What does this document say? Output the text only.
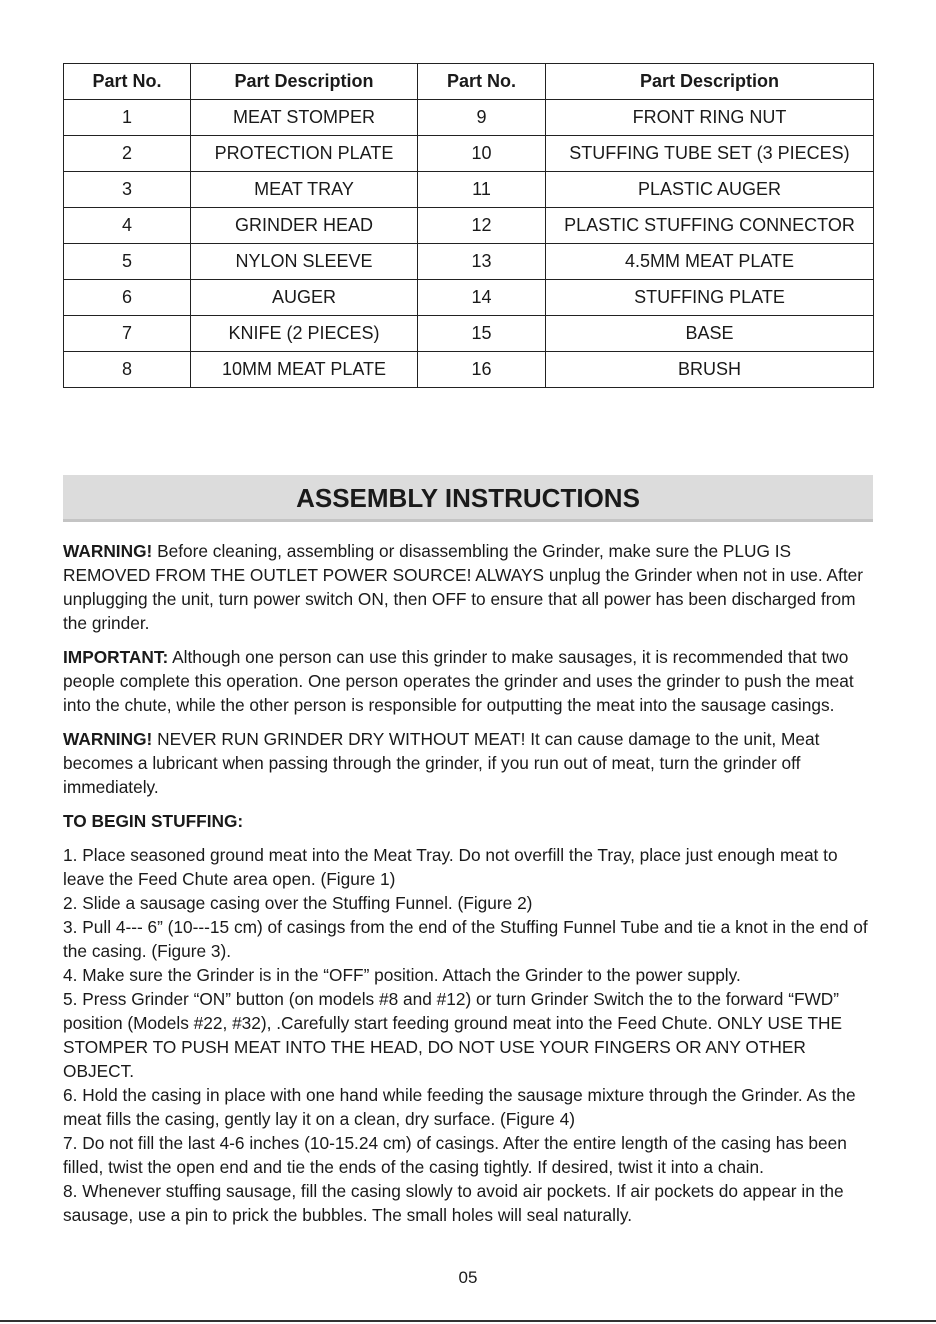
Part No.	Part Description	Part No.	Part Description
1	MEAT STOMPER	9	FRONT RING NUT
2	PROTECTION PLATE	10	STUFFING TUBE SET (3 PIECES)
3	MEAT TRAY	11	PLASTIC AUGER
4	GRINDER HEAD	12	PLASTIC STUFFING CONNECTOR
5	NYLON SLEEVE	13	4.5MM MEAT PLATE
6	AUGER	14	STUFFING PLATE
7	KNIFE (2 PIECES)	15	BASE
8	10MM MEAT PLATE	16	BRUSH
ASSEMBLY INSTRUCTIONS

WARNING! Before cleaning, assembling or disassembling the Grinder, make sure the PLUG IS REMOVED FROM THE OUTLET POWER SOURCE! ALWAYS unplug the Grinder when not in use. After unplugging the unit, turn power switch ON, then OFF to ensure that all power has been discharged from the grinder.

IMPORTANT: Although one person can use this grinder to make sausages, it is recommended that two people complete this operation. One person operates the grinder and uses the grinder to push the meat into the chute, while the other person is responsible for outputting the meat into the sausage casings.

WARNING! NEVER RUN GRINDER DRY WITHOUT MEAT! It can cause damage to the unit, Meat becomes a lubricant when passing through the grinder, if you run out of meat, turn the grinder off immediately.

TO BEGIN STUFFING:

1. Place seasoned ground meat into the Meat Tray. Do not overfill the Tray, place just enough meat to leave the Feed Chute area open. (Figure 1)

2. Slide a sausage casing over the Stuffing Funnel. (Figure 2)

3. Pull 4-‐‐ 6” (10-‐‐15 cm) of casings from the end of the Stuffing Funnel Tube and tie a knot in the end of the casing. (Figure 3).

4. Make sure the Grinder is in the “OFF” position. Attach the Grinder to the power supply.

5. Press Grinder “ON” button (on models #8 and #12) or turn Grinder Switch the to the forward “FWD” position (Models #22, #32), .Carefully start feeding ground meat into the Feed Chute. ONLY USE THE STOMPER TO PUSH MEAT INTO THE HEAD, DO NOT USE YOUR FINGERS OR ANY OTHER OBJECT.

6. Hold the casing in place with one hand while feeding the sausage mixture through the Grinder. As the meat fills the casing, gently lay it on a clean, dry surface. (Figure 4)

7. Do not fill the last 4-6 inches (10-15.24 cm) of casings. After the entire length of the casing has been filled, twist the open end and tie the ends of the casing tightly. If desired, twist it into a chain.

8. Whenever stuffing sausage, fill the casing slowly to avoid air pockets. If air pockets do appear in the sausage, use a pin to prick the bubbles. The small holes will seal naturally.

05
